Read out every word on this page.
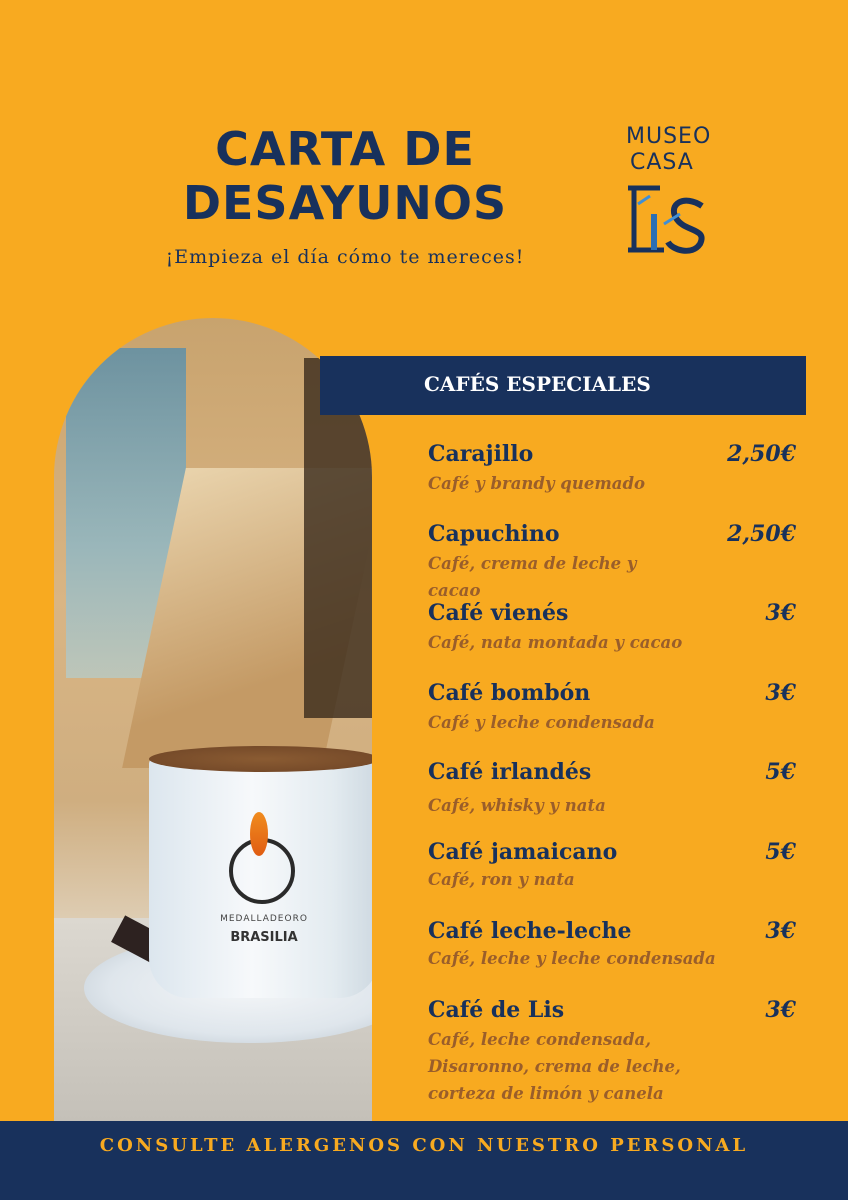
CARTA DE
DESAYUNOS
¡Empieza el día cómo te mereces!
MUSEO
CASA
MEDALLADEORO
BRASILIA
CAFÉS ESPECIALES
Carajillo	2,50€
Café y brandy quemado
Capuchino	2,50€
Café, crema de leche y cacao
Café vienés	3€
Café, nata montada y cacao
Café bombón	3€
Café y leche condensada
Café irlandés	5€
Café, whisky y nata
Café jamaicano	5€
Café, ron y nata
Café leche-leche	3€
Café, leche y leche condensada
Café de Lis	3€
Café, leche condensada, Disaronno, crema de leche, corteza de limón y canela
CONSULTE ALERGENOS CON NUESTRO PERSONAL
